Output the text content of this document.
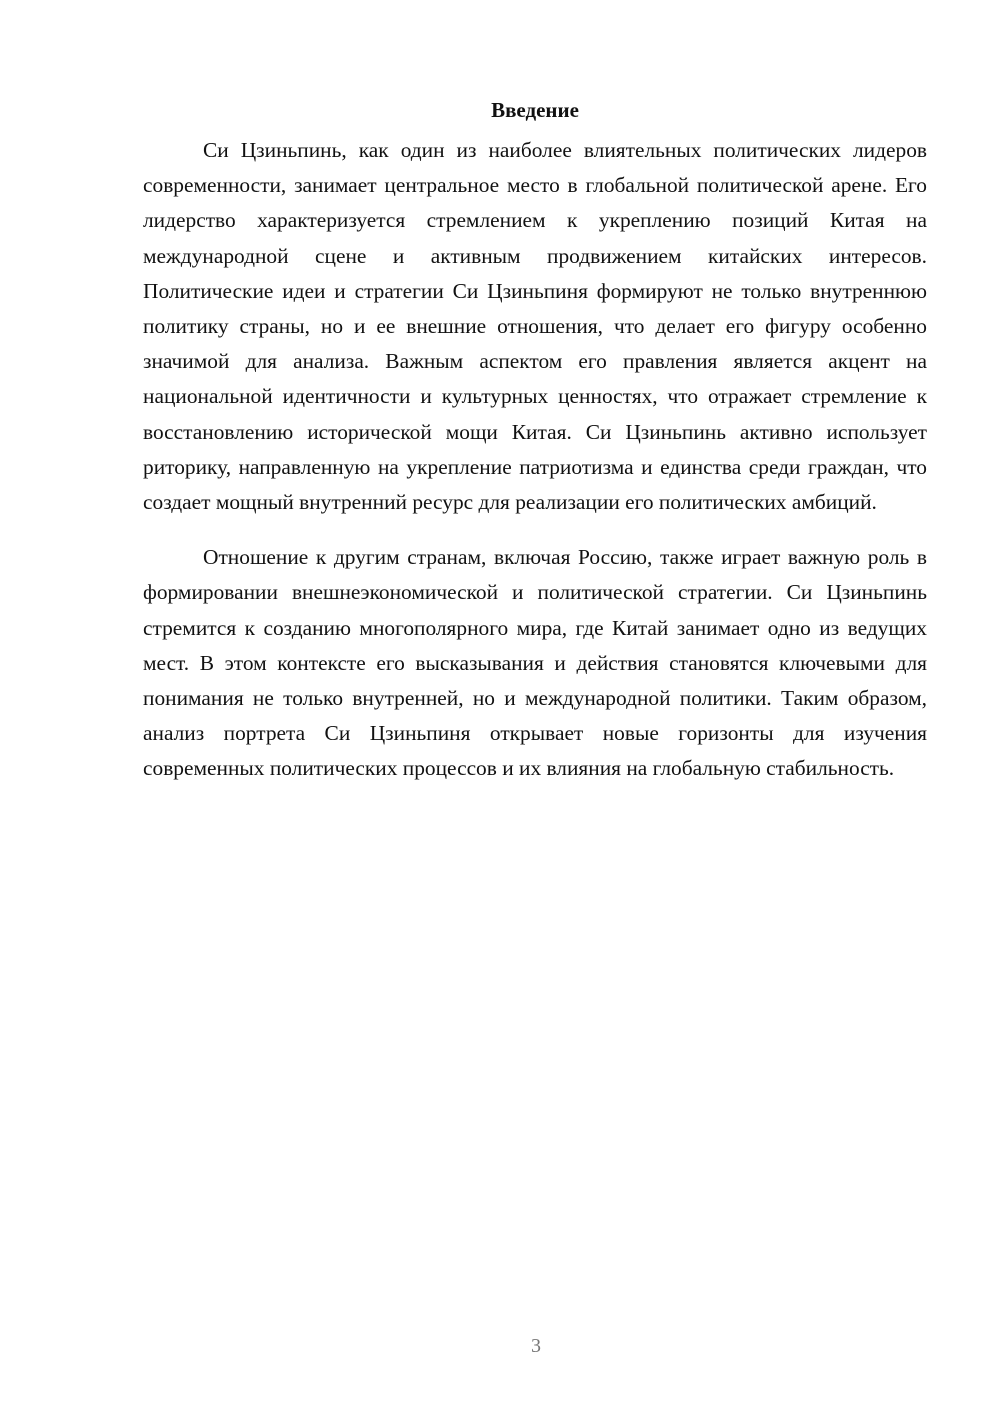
Введение

Си Цзиньпинь, как один из наиболее влиятельных политических лидеров современности, занимает центральное место в глобальной политической арене. Его лидерство характеризуется стремлением к укреплению позиций Китая на международной сцене и активным продвижением китайских интересов. Политические идеи и стратегии Си Цзиньпиня формируют не только внутреннюю политику страны, но и ее внешние отношения, что делает его фигуру особенно значимой для анализа. Важным аспектом его правления является акцент на национальной идентичности и культурных ценностях, что отражает стремление к восстановлению исторической мощи Китая. Си Цзиньпинь активно использует риторику, направленную на укрепление патриотизма и единства среди граждан, что создает мощный внутренний ресурс для реализации его политических амбиций.

Отношение к другим странам, включая Россию, также играет важную роль в формировании внешнеэкономической и политической стратегии. Си Цзиньпинь стремится к созданию многополярного мира, где Китай занимает одно из ведущих мест. В этом контексте его высказывания и действия становятся ключевыми для понимания не только внутренней, но и международной политики. Таким образом, анализ портрета Си Цзиньпиня открывает новые горизонты для изучения современных политических процессов и их влияния на глобальную стабильность.

3
